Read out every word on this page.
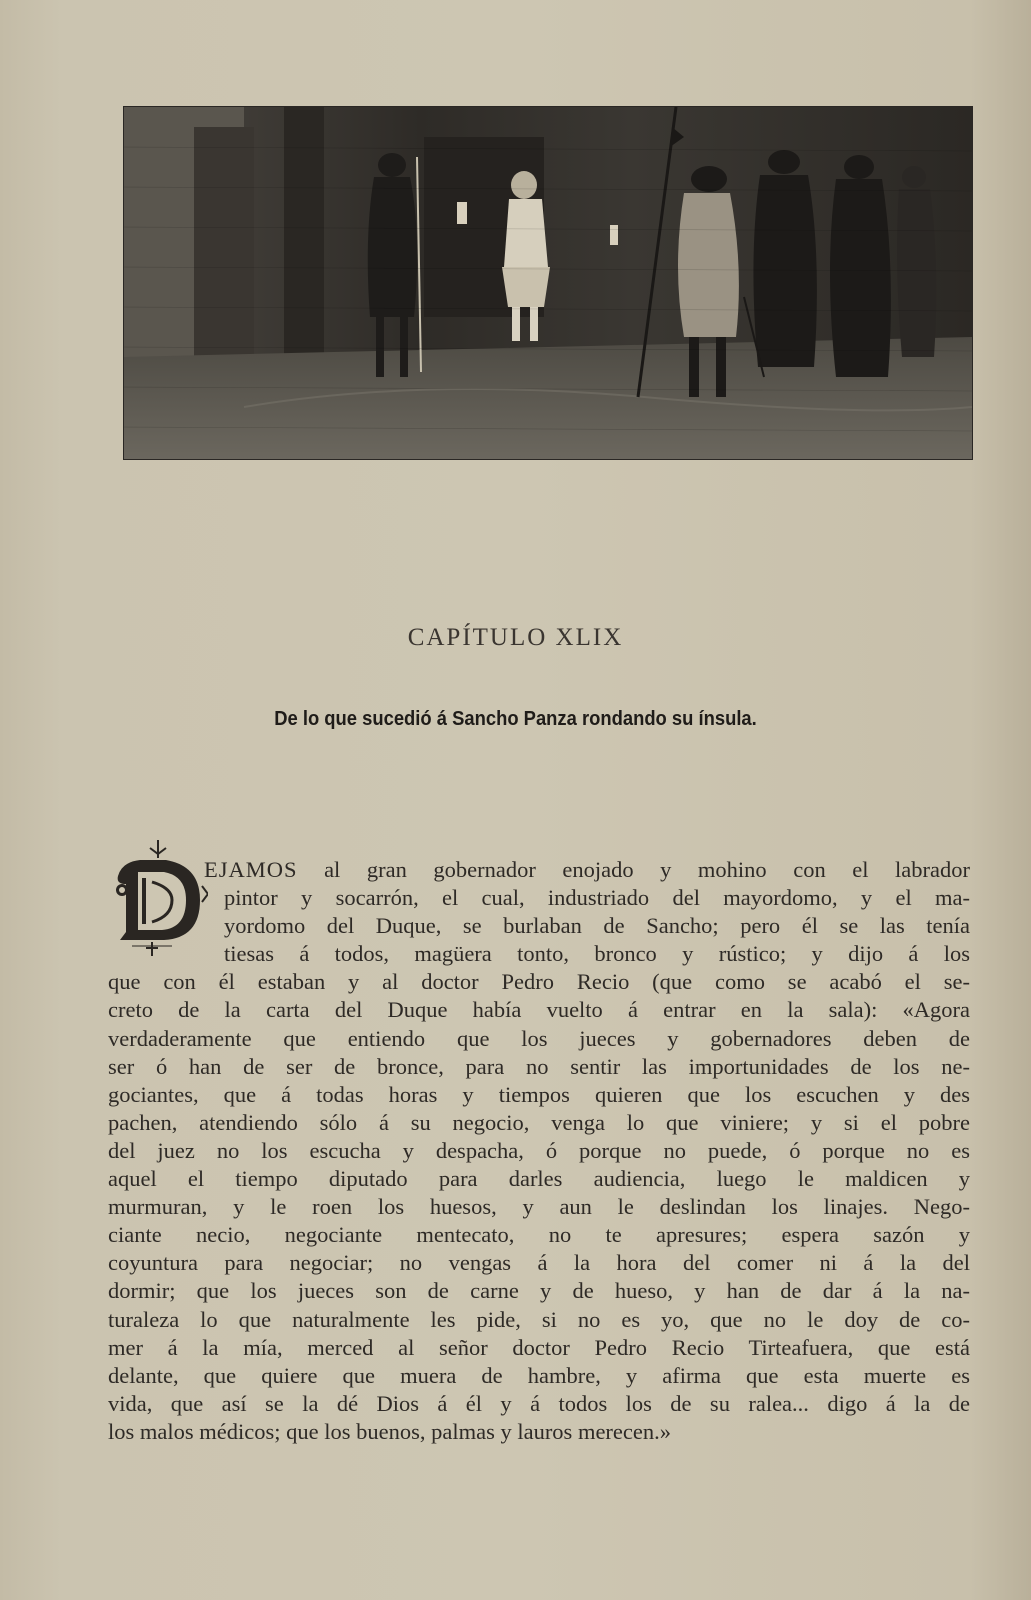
CAPÍTULO XLIX
De lo que sucedió á Sancho Panza rondando su ínsula.
EJAMOS al gran gobernador enojado y mohino con el labrador
pintor y socarrón, el cual, industriado del mayordomo, y el ma-
yordomo del Duque, se burlaban de Sancho; pero él se las tenía
tiesas á todos, magüera tonto, bronco y rústico; y dijo á los
que con él estaban y al doctor Pedro Recio (que como se acabó el se-
creto de la carta del Duque había vuelto á entrar en la sala): «Agora
verdaderamente que entiendo que los jueces y gobernadores deben de
ser ó han de ser de bronce, para no sentir las importunidades de los ne-
gociantes, que á todas horas y tiempos quieren que los escuchen y des
pachen, atendiendo sólo á su negocio, venga lo que viniere; y si el pobre
del juez no los escucha y despacha, ó porque no puede, ó porque no es
aquel el tiempo diputado para darles audiencia, luego le maldicen y
murmuran, y le roen los huesos, y aun le deslindan los linajes. Nego-
ciante necio, negociante mentecato, no te apresures; espera sazón y
coyuntura para negociar; no vengas á la hora del comer ni á la del
dormir; que los jueces son de carne y de hueso, y han de dar á la na-
turaleza lo que naturalmente les pide, si no es yo, que no le doy de co-
mer á la mía, merced al señor doctor Pedro Recio Tirteafuera, que está
delante, que quiere que muera de hambre, y afirma que esta muerte es
vida, que así se la dé Dios á él y á todos los de su ralea... digo á la de
los malos médicos; que los buenos, palmas y lauros merecen.»
